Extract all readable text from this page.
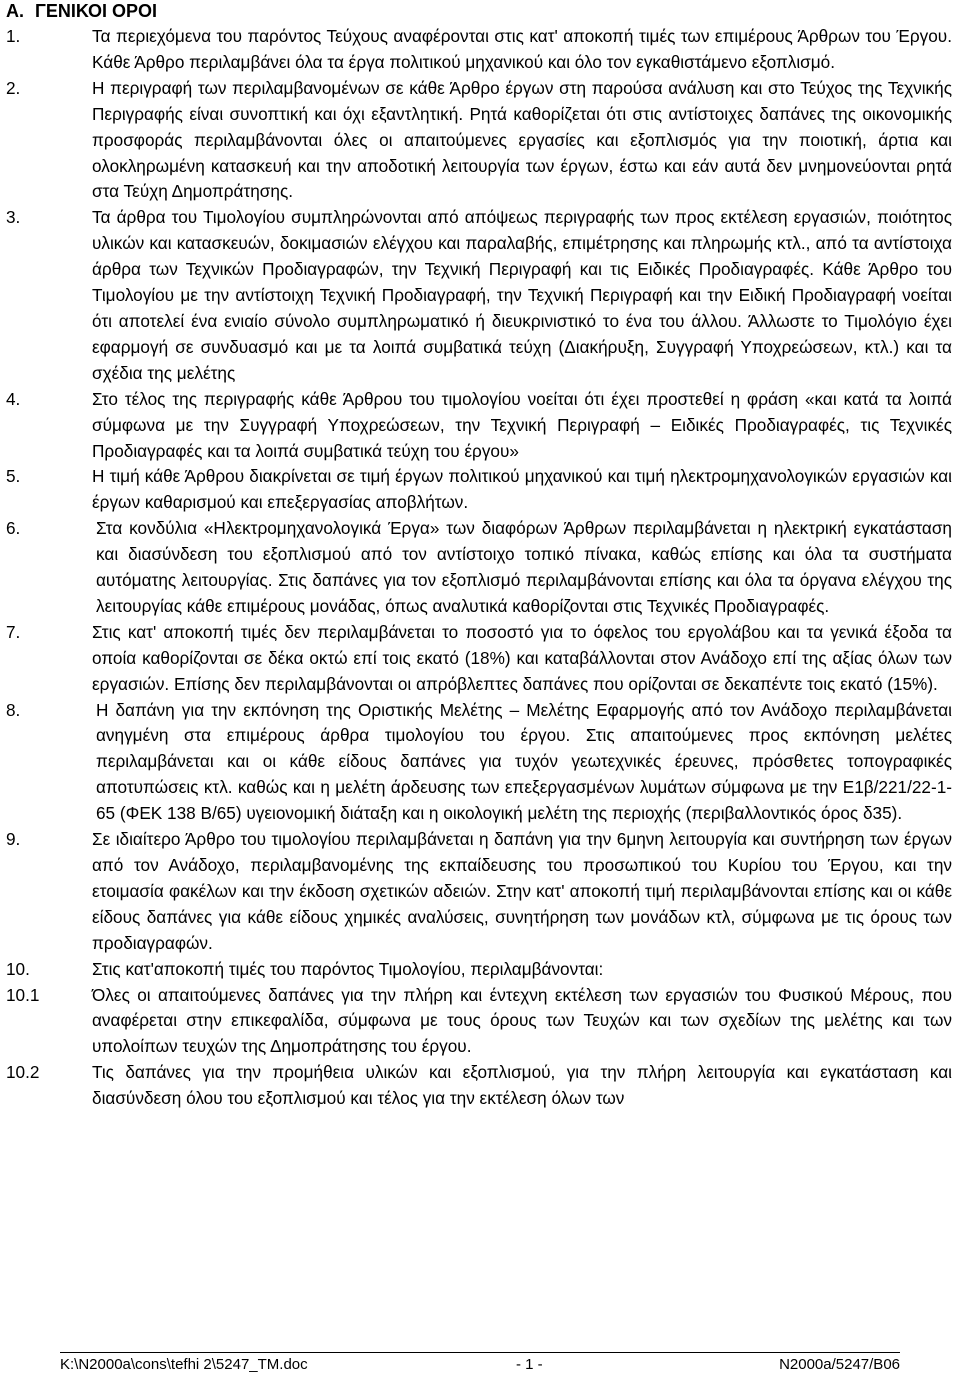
A. ΓΕΝΙΚΟΙ ΟΡΟΙ
1.	Τα περιεχόμενα του παρόντος Τεύχους αναφέρονται στις κατ' αποκοπή τιμές των επιμέρους Άρθρων του Έργου. Κάθε Άρθρο περιλαμβάνει όλα τα έργα πολιτικού μηχανικού και όλο τον εγκαθιστάμενο εξοπλισμό.
2.	Η περιγραφή των περιλαμβανομένων σε κάθε Άρθρο έργων στη παρούσα ανάλυση και στο Τεύχος της Τεχνικής Περιγραφής είναι συνοπτική και όχι εξαντλητική. Ρητά καθορίζεται ότι στις αντίστοιχες δαπάνες της οικονομικής προσφοράς περιλαμβάνονται όλες οι απαιτούμενες εργασίες και εξοπλισμός για την ποιοτική, άρτια και ολοκληρωμένη κατασκευή και την αποδοτική λειτουργία των έργων, έστω και εάν αυτά δεν μνημονεύονται ρητά στα Τεύχη Δημοπράτησης.
3.	Τα άρθρα του Τιμολογίου συμπληρώνονται από απόψεως περιγραφής των προς εκτέλεση εργασιών, ποιότητος υλικών και κατασκευών, δοκιμασιών ελέγχου και παραλαβής, επιμέτρησης και πληρωμής κτλ., από τα αντίστοιχα άρθρα των Τεχνικών Προδιαγραφών, την Τεχνική Περιγραφή και τις Ειδικές Προδιαγραφές. Κάθε Άρθρο του Τιμολογίου με την αντίστοιχη Τεχνική Προδιαγραφή, την Τεχνική Περιγραφή και την Ειδική Προδιαγραφή νοείται ότι αποτελεί ένα ενιαίο σύνολο συμπληρωματικό ή διευκρινιστικό το ένα του άλλου. Άλλωστε το Τιμολόγιο έχει εφαρμογή σε συνδυασμό και με τα λοιπά συμβατικά τεύχη (Διακήρυξη, Συγγραφή Υποχρεώσεων, κτλ.) και τα σχέδια της μελέτης
4.	Στο τέλος της περιγραφής κάθε Άρθρου του τιμολογίου νοείται ότι έχει προστεθεί η φράση «και κατά τα λοιπά σύμφωνα με την Συγγραφή Υποχρεώσεων, την Τεχνική Περιγραφή – Ειδικές Προδιαγραφές, τις Τεχνικές Προδιαγραφές και τα λοιπά συμβατικά τεύχη του έργου»
5.	Η τιμή κάθε Άρθρου διακρίνεται σε τιμή έργων πολιτικού μηχανικού και τιμή ηλεκτρομηχανολογικών εργασιών και έργων καθαρισμού και επεξεργασίας αποβλήτων.
6.	Στα κονδύλια «Ηλεκτρομηχανολογικά Έργα» των διαφόρων Άρθρων περιλαμβάνεται η ηλεκτρική εγκατάσταση και διασύνδεση του εξοπλισμού από τον αντίστοιχο τοπικό πίνακα, καθώς επίσης και όλα τα συστήματα αυτόματης λειτουργίας. Στις δαπάνες για τον εξοπλισμό περιλαμβάνονται επίσης και όλα τα όργανα ελέγχου της λειτουργίας κάθε επιμέρους μονάδας, όπως αναλυτικά καθορίζονται στις Τεχνικές Προδιαγραφές.
7.	Στις κατ' αποκοπή τιμές δεν περιλαμβάνεται το ποσοστό για το όφελος του εργολάβου και τα γενικά έξοδα τα οποία καθορίζονται σε δέκα οκτώ επί τοις εκατό (18%) και καταβάλλονται στον Ανάδοχο επί της αξίας όλων των εργασιών. Επίσης δεν περιλαμβάνονται οι απρόβλεπτες δαπάνες που ορίζονται σε δεκαπέντε τοις εκατό (15%).
8.	Η δαπάνη για την εκπόνηση της Οριστικής Μελέτης – Μελέτης Εφαρμογής από τον Ανάδοχο περιλαμβάνεται ανηγμένη στα επιμέρους άρθρα τιμολογίου του έργου. Στις απαιτούμενες προς εκπόνηση μελέτες περιλαμβάνεται και οι κάθε είδους δαπάνες για τυχόν γεωτεχνικές έρευνες, πρόσθετες τοπογραφικές αποτυπώσεις κτλ. καθώς και η μελέτη άρδευσης των επεξεργασμένων λυμάτων σύμφωνα με την Ε1β/221/22-1-65 (ΦΕΚ 138 Β/65) υγειονομική διάταξη και η οικολογική μελέτη της περιοχής (περιβαλλοντικός όρος δ35).
9.	Σε ιδιαίτερο Άρθρο του τιμολογίου περιλαμβάνεται η δαπάνη για την 6μηνη λειτουργία και συντήρηση των έργων από τον Ανάδοχο, περιλαμβανομένης της εκπαίδευσης του προσωπικού του Κυρίου του Έργου, και την ετοιμασία φακέλων και την έκδοση σχετικών αδειών. Στην κατ' αποκοπή τιμή περιλαμβάνονται επίσης και οι κάθε είδους δαπάνες για κάθε είδους χημικές αναλύσεις, συνητήρηση των μονάδων κτλ, σύμφωνα με τις όρους των προδιαγραφών.
10.	Στις κατ'αποκοπή τιμές του παρόντος Τιμολογίου, περιλαμβάνονται:
10.1	Όλες οι απαιτούμενες δαπάνες για την πλήρη και έντεχνη εκτέλεση των εργασιών του Φυσικού Μέρους, που αναφέρεται στην επικεφαλίδα, σύμφωνα με τους όρους των Τευχών και των σχεδίων της μελέτης και των υπολοίπων τευχών της Δημοπράτησης του έργου.
10.2	Τις δαπάνες για την προμήθεια υλικών και εξοπλισμού, για την πλήρη λειτουργία και εγκατάσταση και διασύνδεση όλου του εξοπλισμού και τέλος για την εκτέλεση όλων των
K:\N2000a\cons\tefhi 2\5247_TM.doc	- 1 -	N2000a/5247/B06
